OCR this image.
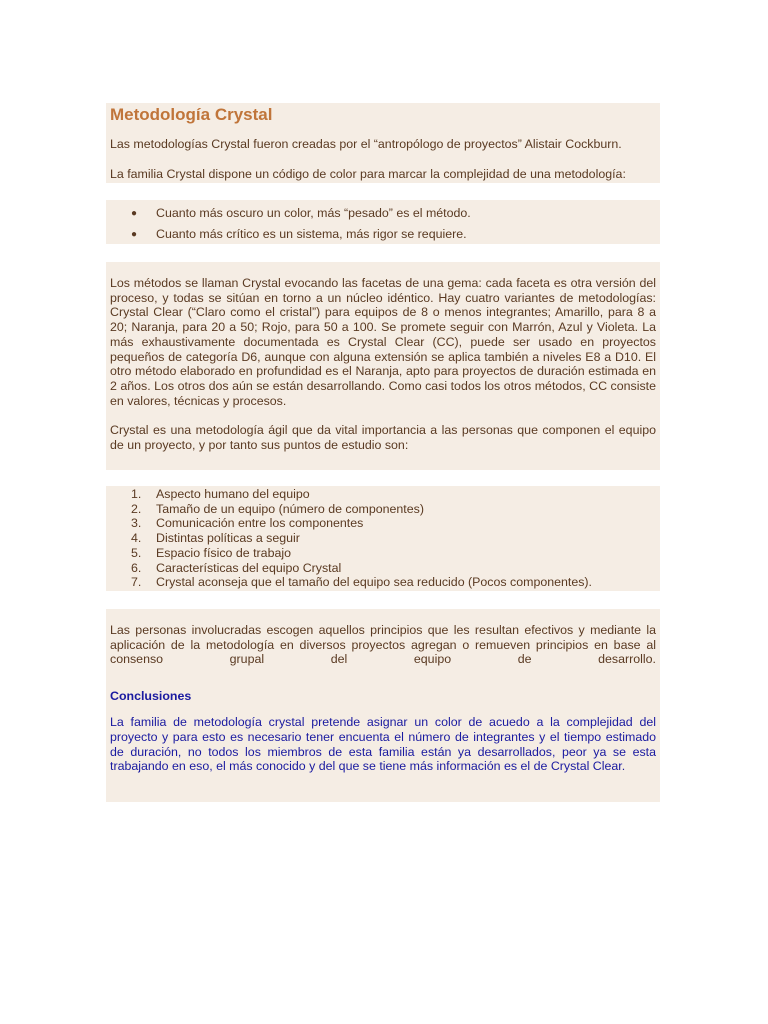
Metodología Crystal

Las metodologías Crystal fueron creadas por el “antropólogo de proyectos” Alistair Cockburn.

La familia Crystal dispone un código de color para marcar la complejidad de una metodología:

● Cuanto más oscuro un color, más “pesado” es el método.
● Cuanto más crítico es un sistema, más rigor se requiere.

Los métodos se llaman Crystal evocando las facetas de una gema: cada faceta es otra versión del proceso, y todas se sitúan en torno a un núcleo idéntico. Hay cuatro variantes de metodologías: Crystal Clear (“Claro como el cristal”) para equipos de 8 o menos integrantes; Amarillo, para 8 a 20; Naranja, para 20 a 50; Rojo, para 50 a 100. Se promete seguir con Marrón, Azul y Violeta. La más exhaustivamente documentada es Crystal Clear (CC), puede ser usado en proyectos pequeños de categoría D6, aunque con alguna extensión se aplica también a niveles E8 a D10. El otro método elaborado en profundidad es el Naranja, apto para proyectos de duración estimada en 2 años. Los otros dos aún se están desarrollando. Como casi todos los otros métodos, CC consiste en valores, técnicas y procesos.

Crystal es una metodología ágil que da vital importancia a las personas que componen el equipo de un proyecto, y por tanto sus puntos de estudio son:

1. Aspecto humano del equipo
2. Tamaño de un equipo (número de componentes)
3. Comunicación entre los componentes
4. Distintas políticas a seguir
5. Espacio físico de trabajo
6. Características del equipo Crystal
7. Crystal aconseja que el tamaño del equipo sea reducido (Pocos componentes).

Las personas involucradas escogen aquellos principios que les resultan efectivos y mediante la aplicación de la metodología en diversos proyectos agregan o remueven principios en base al consenso grupal del equipo de desarrollo.

Conclusiones

La familia de metodología crystal pretende asignar un color de acuedo a la complejidad del proyecto y para esto es necesario tener encuenta el número de integrantes y el tiempo estimado de duración, no todos los miembros de esta familia están ya desarrollados, peor ya se esta trabajando en eso, el más conocido y del que se tiene más información es el de Crystal Clear.
